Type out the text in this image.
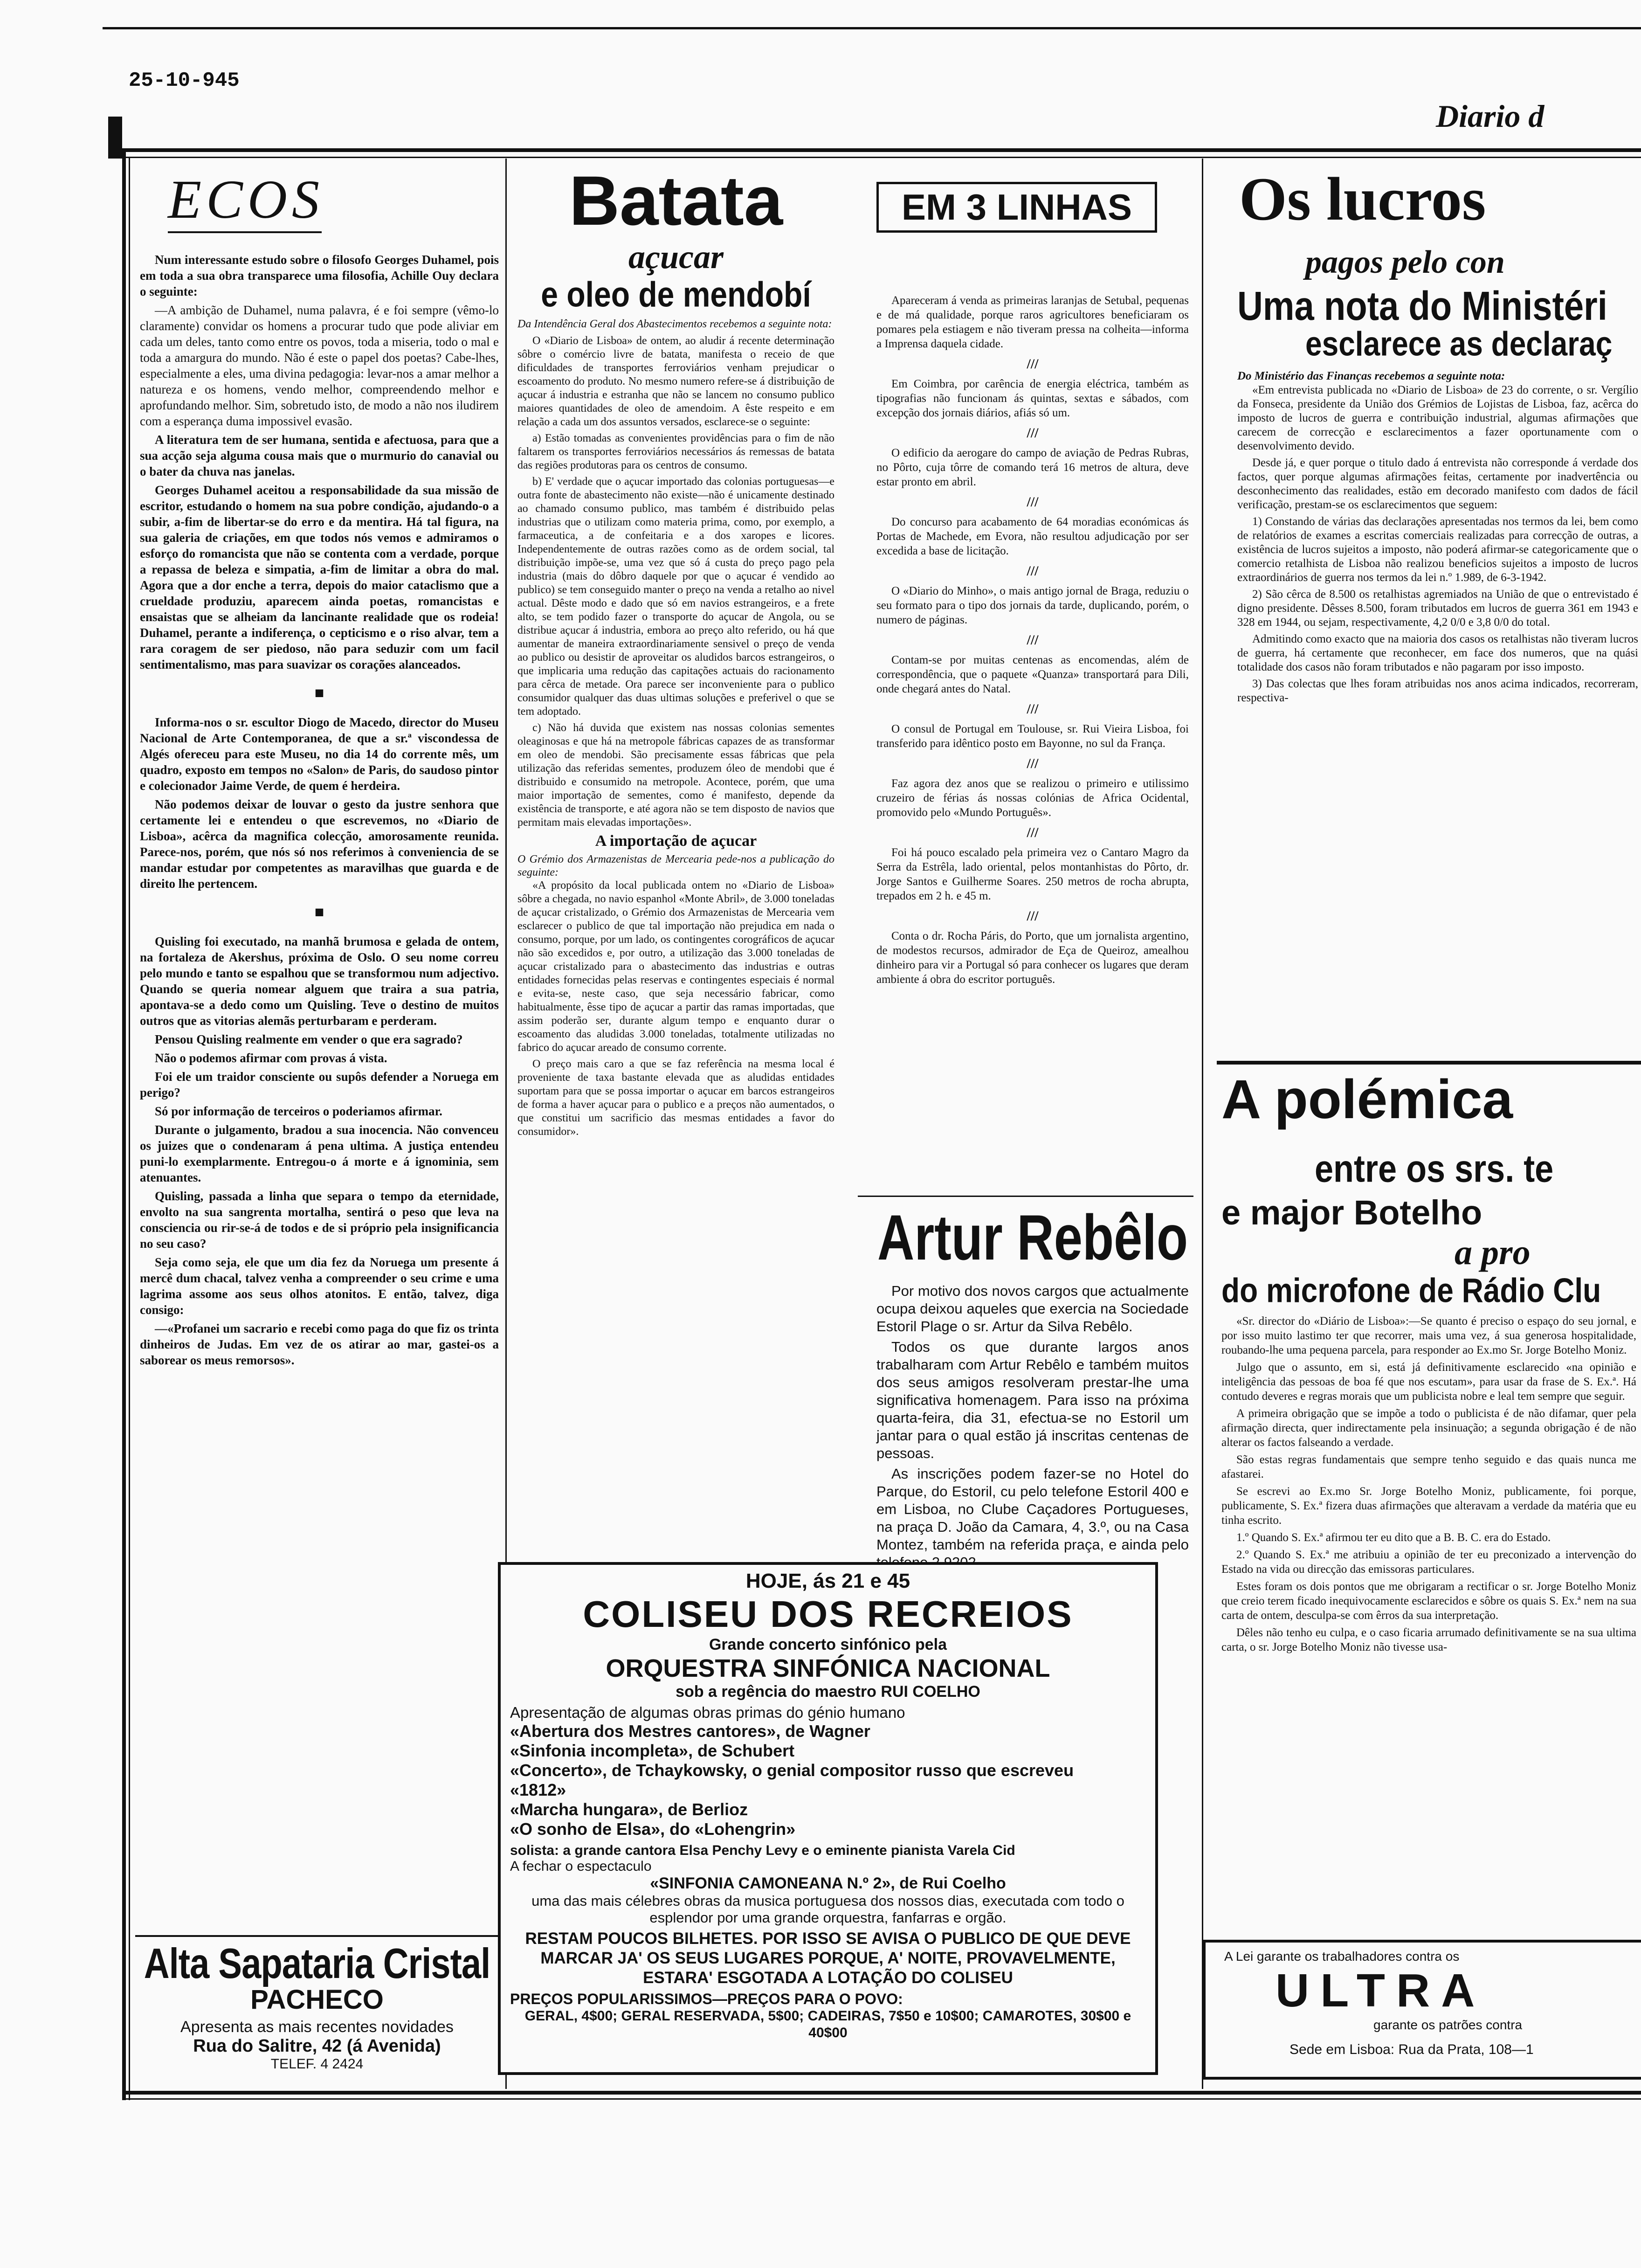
25-10-945
Diario d
ECOS

Num interessante estudo sobre o filosofo Georges Duhamel, pois em toda a sua obra transparece uma filosofia, Achille Ouy declara o seguinte:

—A ambição de Duhamel, numa palavra, é e foi sempre (vêmo-lo claramente) convidar os homens a procurar tudo que pode aliviar em cada um deles, tanto como entre os povos, toda a miseria, todo o mal e toda a amargura do mundo. Não é este o papel dos poetas? Cabe-lhes, especialmente a eles, uma divina pedagogia: levar-nos a amar melhor a natureza e os homens, vendo melhor, compreendendo melhor e aprofundando melhor. Sim, sobretudo isto, de modo a não nos iludirem com a esperança duma impossivel evasão.

A literatura tem de ser humana, sentida e afectuosa, para que a sua acção seja alguma cousa mais que o murmurio do canavial ou o bater da chuva nas janelas.

Georges Duhamel aceitou a responsabilidade da sua missão de escritor, estudando o homem na sua pobre condição, ajudando-o a subir, a-fim de libertar-se do erro e da mentira. Há tal figura, na sua galeria de criações, em que todos nós vemos e admiramos o esforço do romancista que não se contenta com a verdade, porque a repassa de beleza e simpatia, a-fim de limitar a obra do mal. Agora que a dor enche a terra, depois do maior cataclismo que a crueldade produziu, aparecem ainda poetas, romancistas e ensaistas que se alheiam da lancinante realidade que os rodeia! Duhamel, perante a indiferença, o cepticismo e o riso alvar, tem a rara coragem de ser piedoso, não para seduzir com um facil sentimentalismo, mas para suavizar os corações alanceados.

■

Informa-nos o sr. escultor Diogo de Macedo, director do Museu Nacional de Arte Contemporanea, de que a sr.ª viscondessa de Algés ofereceu para este Museu, no dia 14 do corrente mês, um quadro, exposto em tempos no «Salon» de Paris, do saudoso pintor e colecionador Jaime Verde, de quem é herdeira.

Não podemos deixar de louvar o gesto da justre senhora que certamente lei e entendeu o que escrevemos, no «Diario de Lisboa», acêrca da magnifica colecção, amorosamente reunida. Parece-nos, porém, que nós só nos referimos à conveniencia de se mandar estudar por competentes as maravilhas que guarda e de direito lhe pertencem.

■

Quisling foi executado, na manhã brumosa e gelada de ontem, na fortaleza de Akershus, próxima de Oslo. O seu nome correu pelo mundo e tanto se espalhou que se transformou num adjectivo. Quando se queria nomear alguem que traira a sua patria, apontava-se a dedo como um Quisling. Teve o destino de muitos outros que as vitorias alemãs perturbaram e perderam.

Pensou Quisling realmente em vender o que era sagrado?

Não o podemos afirmar com provas á vista.

Foi ele um traidor consciente ou supôs defender a Noruega em perigo?

Só por informação de terceiros o poderiamos afirmar.

Durante o julgamento, bradou a sua inocencia. Não convenceu os juizes que o condenaram á pena ultima. A justiça entendeu puni-lo exemplarmente. Entregou-o á morte e á ignominia, sem atenuantes.

Quisling, passada a linha que separa o tempo da eternidade, envolto na sua sangrenta mortalha, sentirá o peso que leva na consciencia ou rir-se-á de todos e de si próprio pela insignificancia no seu caso?

Seja como seja, ele que um dia fez da Noruega um presente á mercê dum chacal, talvez venha a compreender o seu crime e uma lagrima assome aos seus olhos atonitos. E então, talvez, diga consigo:

—«Profanei um sacrario e recebi como paga do que fiz os trinta dinheiros de Judas. Em vez de os atirar ao mar, gastei-os a saborear os meus remorsos».

Alta Sapataria Cristal
PACHECO
Apresenta as mais recentes novidades
Rua do Salitre, 42 (á Avenida)
TELEF. 4 2424
Batata
açucar
e oleo de mendobí
Da Intendência Geral dos Abastecimentos recebemos a seguinte nota:

O «Diario de Lisboa» de ontem, ao aludir á recente determinação sôbre o comércio livre de batata, manifesta o receio de que dificuldades de transportes ferroviários venham prejudicar o escoamento do produto. No mesmo numero refere-se á distribuição de açucar á industria e estranha que não se lancem no consumo publico maiores quantidades de oleo de amendoim. A êste respeito e em relação a cada um dos assuntos versados, esclarece-se o seguinte:

a) Estão tomadas as convenientes providências para o fim de não faltarem os transportes ferroviários necessários ás remessas de batata das regiões produtoras para os centros de consumo.

b) E' verdade que o açucar importado das colonias portuguesas—e outra fonte de abastecimento não existe—não é unicamente destinado ao chamado consumo publico, mas também é distribuido pelas industrias que o utilizam como materia prima, como, por exemplo, a farmaceutica, a de confeitaria e a dos xaropes e licores. Independentemente de outras razões como as de ordem social, tal distribuição impõe-se, uma vez que só á custa do preço pago pela industria (mais do dôbro daquele por que o açucar é vendido ao publico) se tem conseguido manter o preço na venda a retalho ao nivel actual. Dêste modo e dado que só em navios estrangeiros, e a frete alto, se tem podido fazer o transporte do açucar de Angola, ou se distribue açucar á industria, embora ao preço alto referido, ou há que aumentar de maneira extraordinariamente sensivel o preço de venda ao publico ou desistir de aproveitar os aludidos barcos estrangeiros, o que implicaria uma redução das capitações actuais do racionamento para cêrca de metade. Ora parece ser inconveniente para o publico consumidor qualquer das duas ultimas soluções e preferivel o que se tem adoptado.

c) Não há duvida que existem nas nossas colonias sementes oleaginosas e que há na metropole fábricas capazes de as transformar em oleo de mendobi. São precisamente essas fábricas que pela utilização das referidas sementes, produzem óleo de mendobi que é distribuido e consumido na metropole. Acontece, porém, que uma maior importação de sementes, como é manifesto, depende da existência de transporte, e até agora não se tem disposto de navios que permitam mais elevadas importações».

A importação de açucar
O Grémio dos Armazenistas de Mercearia pede-nos a publicação do seguinte:

«A propósito da local publicada ontem no «Diario de Lisboa» sôbre a chegada, no navio espanhol «Monte Abril», de 3.000 toneladas de açucar cristalizado, o Grémio dos Armazenistas de Mercearia vem esclarecer o publico de que tal importação não prejudica em nada o consumo, porque, por um lado, os contingentes corográficos de açucar não são excedidos e, por outro, a utilização das 3.000 toneladas de açucar cristalizado para o abastecimento das industrias e outras entidades fornecidas pelas reservas e contingentes especiais é normal e evita-se, neste caso, que seja necessário fabricar, como habitualmente, êsse tipo de açucar a partir das ramas importadas, que assim poderão ser, durante algum tempo e enquanto durar o escoamento das aludidas 3.000 toneladas, totalmente utilizadas no fabrico do açucar areado de consumo corrente.

O preço mais caro a que se faz referência na mesma local é proveniente de taxa bastante elevada que as aludidas entidades suportam para que se possa importar o açucar em barcos estrangeiros de forma a haver açucar para o publico e a preços não aumentados, o que constitui um sacrificio das mesmas entidades a favor do consumidor».

EM 3 LINHAS

Apareceram á venda as primeiras laranjas de Setubal, pequenas e de má qualidade, porque raros agricultores beneficiaram os pomares pela estiagem e não tiveram pressa na colheita—informa a Imprensa daquela cidade.

///

Em Coimbra, por carência de energia eléctrica, também as tipografias não funcionam ás quintas, sextas e sábados, com excepção dos jornais diários, afiás só um.

///

O edificio da aerogare do campo de aviação de Pedras Rubras, no Pôrto, cuja tôrre de comando terá 16 metros de altura, deve estar pronto em abril.

///

Do concurso para acabamento de 64 moradias económicas ás Portas de Machede, em Evora, não resultou adjudicação por ser excedida a base de licitação.

///

O «Diario do Minho», o mais antigo jornal de Braga, reduziu o seu formato para o tipo dos jornais da tarde, duplicando, porém, o numero de páginas.

///

Contam-se por muitas centenas as encomendas, além de correspondência, que o paquete «Quanza» transportará para Dili, onde chegará antes do Natal.

///

O consul de Portugal em Toulouse, sr. Rui Vieira Lisboa, foi transferido para idêntico posto em Bayonne, no sul da França.

///

Faz agora dez anos que se realizou o primeiro e utilissimo cruzeiro de férias ás nossas colónias de Africa Ocidental, promovido pelo «Mundo Português».

///

Foi há pouco escalado pela primeira vez o Cantaro Magro da Serra da Estrêla, lado oriental, pelos montanhistas do Pôrto, dr. Jorge Santos e Guilherme Soares. 250 metros de rocha abrupta, trepados em 2 h. e 45 m.

///

Conta o dr. Rocha Páris, do Porto, que um jornalista argentino, de modestos recursos, admirador de Eça de Queiroz, amealhou dinheiro para vir a Portugal só para conhecer os lugares que deram ambiente á obra do escritor português.

Artur Rebêlo

Por motivo dos novos cargos que actualmente ocupa deixou aqueles que exercia na Sociedade Estoril Plage o sr. Artur da Silva Rebêlo.

Todos os que durante largos anos trabalharam com Artur Rebêlo e também muitos dos seus amigos resolveram prestar-lhe uma significativa homenagem. Para isso na próxima quarta-feira, dia 31, efectua-se no Estoril um jantar para o qual estão já inscritas centenas de pessoas.

As inscrições podem fazer-se no Hotel do Parque, do Estoril, cu pelo telefone Estoril 400 e em Lisboa, no Clube Caçadores Portugueses, na praça D. João da Camara, 4, 3.º, ou na Casa Montez, também na referida praça, e ainda pelo

HOJE, ás 21 e 45
COLISEU DOS RECREIOS
Grande concerto sinfónico pela
ORQUESTRA SINFÓNICA NACIONAL
sob a regência do maestro RUI COELHO
Apresentação de algumas obras primas do génio humano
«Abertura dos Mestres cantores», de Wagner
«Sinfonia incompleta», de Schubert
«Concerto», de Tchaykowsky, o genial compositor russo que escreveu
«1812»
«Marcha hungara», de Berlioz
«O sonho de Elsa», do «Lohengrin»
solista: a grande cantora Elsa Penchy Levy e o eminente pianista Varela Cid
A fechar o espectaculo
«SINFONIA CAMONEANA N.º 2», de Rui Coelho
uma das mais célebres obras da musica portuguesa dos nossos dias, executada com todo o esplendor por uma grande orquestra, fanfarras e orgão.
RESTAM POUCOS BILHETES. POR ISSO SE AVISA O PUBLICO DE QUE DEVE MARCAR JA' OS SEUS LUGARES PORQUE, A' NOITE, PROVAVELMENTE, ESTARA' ESGOTADA A LOTAÇÃO DO COLISEU
PREÇOS POPULARISSIMOS—PREÇOS PARA O POVO:
GERAL, 4$00; GERAL RESERVADA, 5$00; CADEIRAS, 7$50 e 10$00; CAMAROTES, 30$00 e 40$00
Os lucros
pagos pelo con
Uma nota do Ministéri
esclarece as declaraç
Do Ministério das Finanças recebemos a seguinte nota:

«Em entrevista publicada no «Diario de Lisboa» de 23 do corrente, o sr. Vergílio da Fonseca, presidente da União dos Grémios de Lojistas de Lisboa, faz, acêrca do imposto de lucros de guerra e contribuição industrial, algumas afirmações que carecem de correcção e esclarecimentos a fazer oportunamente com o desenvolvimento devido.

Desde já, e quer porque o titulo dado á entrevista não corresponde á verdade dos factos, quer porque algumas afirmações feitas, certamente por inadvertência ou desconhecimento das realidades, estão em decorado manifesto com dados de fácil verificação, prestam-se os esclarecimentos que seguem:

1) Constando de várias das declarações apresentadas nos termos da lei, bem como de relatórios de exames a escritas comerciais realizadas para correcção de outras, a existência de lucros sujeitos a imposto, não poderá afirmar-se categoricamente que o comercio retalhista de Lisboa não realizou beneficios sujeitos a imposto de lucros extraordinários de guerra nos termos da lei n.º 1.989, de 6-3-1942.

2) São cêrca de 8.500 os retalhistas agremiados na União de que o entrevistado é digno presidente. Dêsses 8.500, foram tributados em lucros de guerra 361 em 1943 e 328 em 1944, ou sejam, respectivamente, 4,2 0/0 e 3,8 0/0 do total.

Admitindo como exacto que na maioria dos casos os retalhistas não tiveram lucros de guerra, há certamente que reconhecer, em face dos numeros, que na quási totalidade dos casos não foram tributados e não pagaram por isso imposto.

3) Das colectas que lhes foram atribuidas nos anos acima indicados, recorreram, respectiva-

A polémica
entre os srs. te
e major Botelho
a pro
do microfone de Rádio Clu

«Sr. director do «Diário de Lisboa»:—Se quanto é preciso o espaço do seu jornal, e por isso muito lastimo ter que recorrer, mais uma vez, á sua generosa hospitalidade, roubando-lhe uma pequena parcela, para responder ao Ex.mo Sr. Jorge Botelho Moniz.

Julgo que o assunto, em si, está já definitivamente esclarecido «na opinião e inteligência das pessoas de boa fé que nos escutam», para usar da frase de S. Ex.ª. Há contudo deveres e regras morais que um publicista nobre e leal tem sempre que seguir.

A primeira obrigação que se impõe a todo o publicista é de não difamar, quer pela afirmação directa, quer indirectamente pela insinuação; a segunda obrigação é de não alterar os factos falseando a verdade.

São estas regras fundamentais que sempre tenho seguido e das quais nunca me afastarei.

Se escrevi ao Ex.mo Sr. Jorge Botelho Moniz, publicamente, foi porque, publicamente, S. Ex.ª fizera duas afirmações que alteravam a verdade da matéria que eu tinha escrito.

1.º Quando S. Ex.ª afirmou ter eu dito que a B. B. C. era do Estado.

2.º Quando S. Ex.ª me atribuiu a opinião de ter eu preconizado a intervenção do Estado na vida ou direcção das emissoras particulares.

Estes foram os dois pontos que me obrigaram a rectificar o sr. Jorge Botelho Moniz que creio terem ficado inequivocamente esclarecidos e sôbre os quais S. Ex.ª nem na sua carta de ontem, desculpa-se com êrros da sua interpretação.

Dêles não tenho eu culpa, e o caso ficaria arrumado definitivamente se na sua ultima carta, o sr. Jorge Botelho Moniz não tivesse usa-

A Lei garante os trabalhadores contra os
ULTRA
garante os patrões contra
Sede em Lisboa: Rua da Prata, 108—1
